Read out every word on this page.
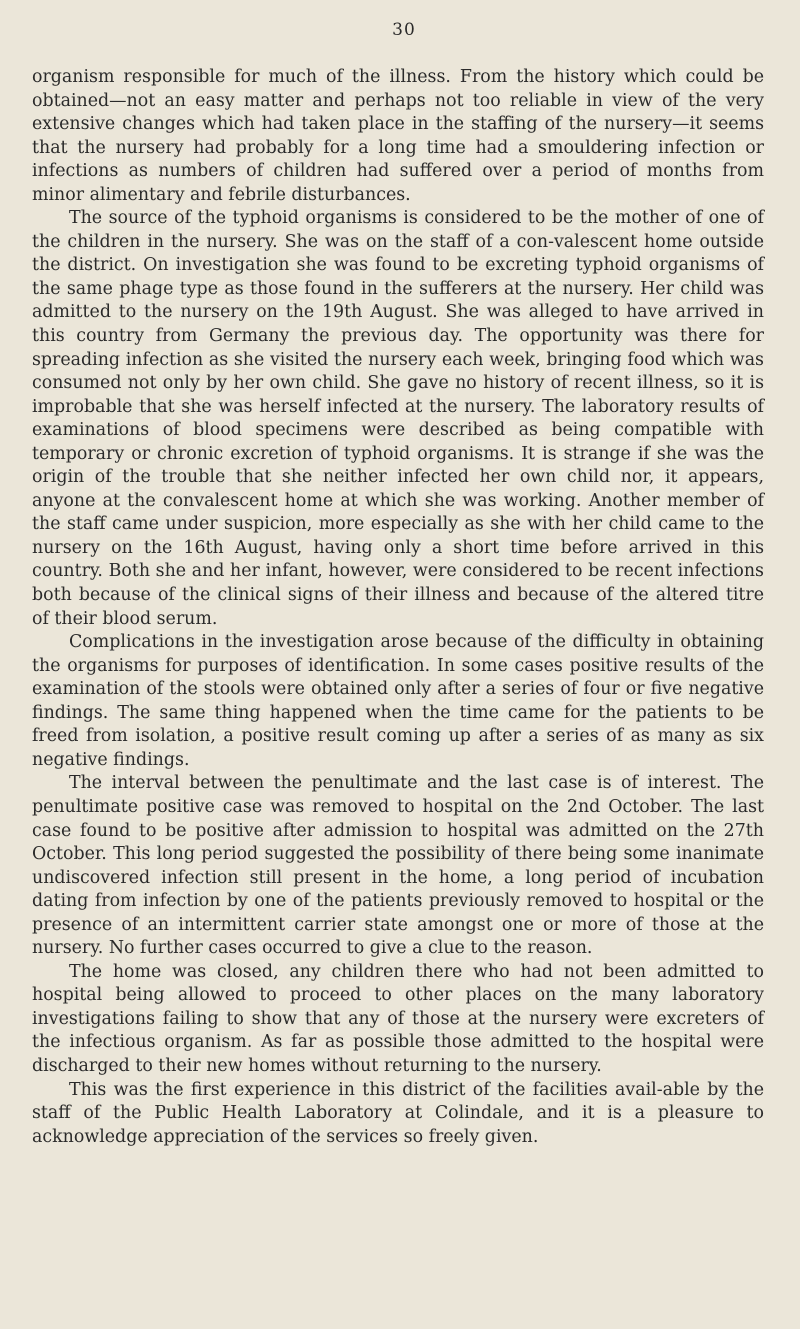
30

organism responsible for much of the illness. From the history which could be obtained—not an easy matter and perhaps not too reliable in view of the very extensive changes which had taken place in the staffing of the nursery—it seems that the nursery had probably for a long time had a smouldering infection or infections as numbers of children had suffered over a period of months from minor alimentary and febrile disturbances.

The source of the typhoid organisms is considered to be the mother of one of the children in the nursery. She was on the staff of a con-valescent home outside the district. On investigation she was found to be excreting typhoid organisms of the same phage type as those found in the sufferers at the nursery. Her child was admitted to the nursery on the 19th August. She was alleged to have arrived in this country from Germany the previous day. The opportunity was there for spreading infection as she visited the nursery each week, bringing food which was consumed not only by her own child. She gave no history of recent illness, so it is improbable that she was herself infected at the nursery. The laboratory results of examinations of blood specimens were described as being compatible with temporary or chronic excretion of typhoid organisms. It is strange if she was the origin of the trouble that she neither infected her own child nor, it appears, anyone at the convalescent home at which she was working. Another member of the staff came under suspicion, more especially as she with her child came to the nursery on the 16th August, having only a short time before arrived in this country. Both she and her infant, however, were considered to be recent infections both because of the clinical signs of their illness and because of the altered titre of their blood serum.

Complications in the investigation arose because of the difficulty in obtaining the organisms for purposes of identification. In some cases positive results of the examination of the stools were obtained only after a series of four or five negative findings. The same thing happened when the time came for the patients to be freed from isolation, a positive result coming up after a series of as many as six negative findings.

The interval between the penultimate and the last case is of interest. The penultimate positive case was removed to hospital on the 2nd October. The last case found to be positive after admission to hospital was admitted on the 27th October. This long period suggested the possibility of there being some inanimate undiscovered infection still present in the home, a long period of incubation dating from infection by one of the patients previously removed to hospital or the presence of an intermittent carrier state amongst one or more of those at the nursery. No further cases occurred to give a clue to the reason.

The home was closed, any children there who had not been admitted to hospital being allowed to proceed to other places on the many laboratory investigations failing to show that any of those at the nursery were excreters of the infectious organism. As far as possible those admitted to the hospital were discharged to their new homes without returning to the nursery.

This was the first experience in this district of the facilities avail-able by the staff of the Public Health Laboratory at Colindale, and it is a pleasure to acknowledge appreciation of the services so freely given.
